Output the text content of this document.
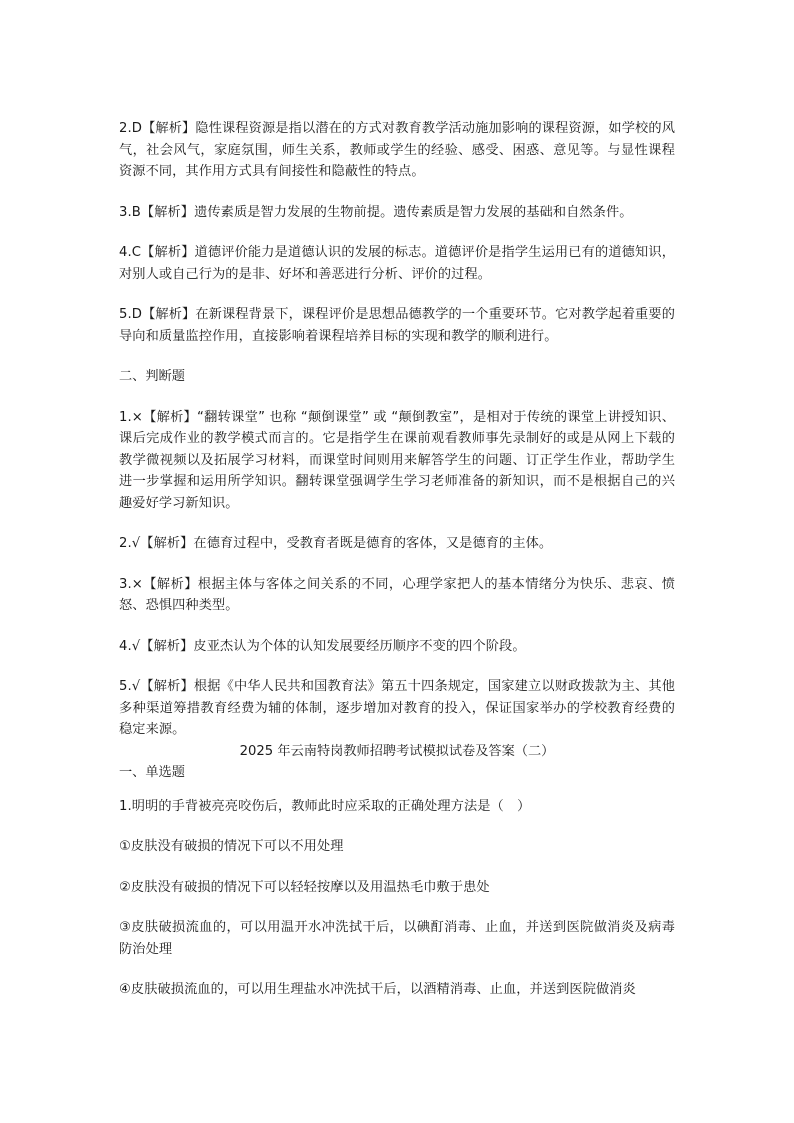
2.D【解析】隐性课程资源是指以潜在的方式对教育教学活动施加影响的课程资源，如学校的风气，社会风气，家庭氛围，师生关系，教师或学生的经验、感受、困惑、意见等。与显性课程资源不同，其作用方式具有间接性和隐蔽性的特点。

3.B【解析】遗传素质是智力发展的生物前提。遗传素质是智力发展的基础和自然条件。

4.C【解析】道德评价能力是道德认识的发展的标志。道德评价是指学生运用已有的道德知识，对别人或自己行为的是非、好坏和善恶进行分析、评价的过程。

5.D【解析】在新课程背景下，课程评价是思想品德教学的一个重要环节。它对教学起着重要的导向和质量监控作用，直接影响着课程培养目标的实现和教学的顺利进行。

二、判断题

1.×【解析】“翻转课堂” 也称 “颠倒课堂” 或 “颠倒教室”，是相对于传统的课堂上讲授知识、课后完成作业的教学模式而言的。它是指学生在课前观看教师事先录制好的或是从网上下载的教学微视频以及拓展学习材料，而课堂时间则用来解答学生的问题、订正学生作业，帮助学生进一步掌握和运用所学知识。翻转课堂强调学生学习老师准备的新知识，而不是根据自己的兴趣爱好学习新知识。

2.√【解析】在德育过程中，受教育者既是德育的客体，又是德育的主体。

3.×【解析】根据主体与客体之间关系的不同，心理学家把人的基本情绪分为快乐、悲哀、愤怒、恐惧四种类型。

4.√【解析】皮亚杰认为个体的认知发展要经历顺序不变的四个阶段。

5.√【解析】根据《中华人民共和国教育法》第五十四条规定，国家建立以财政拨款为主、其他多种渠道筹措教育经费为辅的体制，逐步增加对教育的投入，保证国家举办的学校教育经费的稳定来源。

2025 年云南特岗教师招聘考试模拟试卷及答案（二）

一、单选题

1.明明的手背被亮亮咬伤后，教师此时应采取的正确处理方法是（　）

①皮肤没有破损的情况下可以不用处理

②皮肤没有破损的情况下可以轻轻按摩以及用温热毛巾敷于患处

③皮肤破损流血的，可以用温开水冲洗拭干后，以碘酊消毒、止血，并送到医院做消炎及病毒防治处理

④皮肤破损流血的，可以用生理盐水冲洗拭干后，以酒精消毒、止血，并送到医院做消炎
